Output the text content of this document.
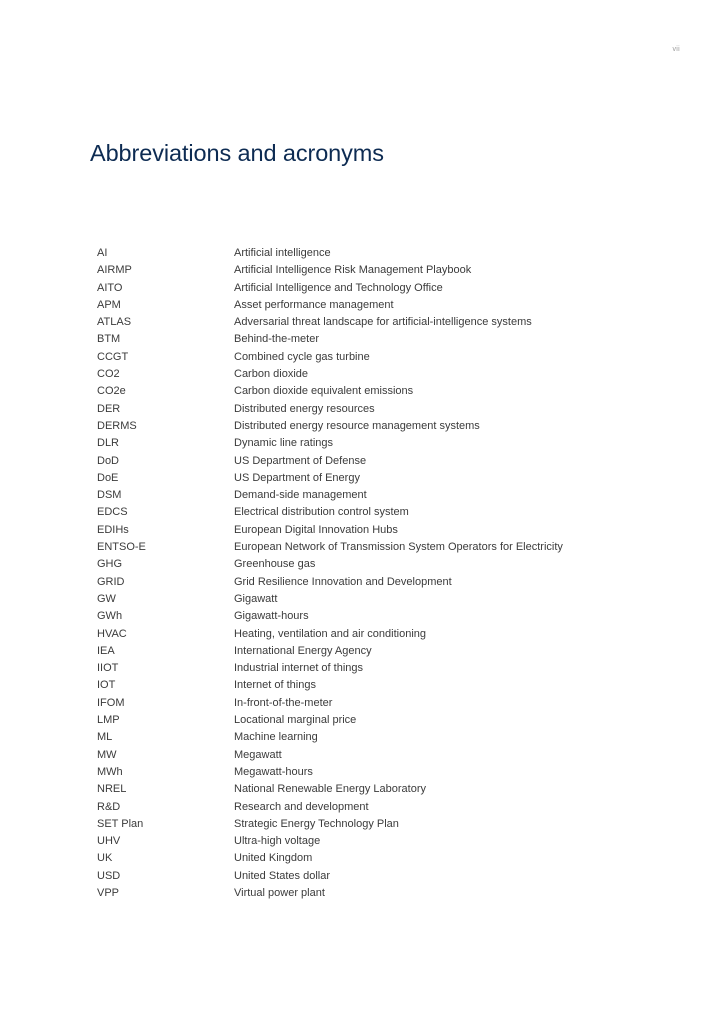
vii
Abbreviations and acronyms
AI	Artificial intelligence
AIRMP	Artificial Intelligence Risk Management Playbook
AITO	Artificial Intelligence and Technology Office
APM	Asset performance management
ATLAS	Adversarial threat landscape for artificial-intelligence systems
BTM	Behind-the-meter
CCGT	Combined cycle gas turbine
CO2	Carbon dioxide
CO2e	Carbon dioxide equivalent emissions
DER	Distributed energy resources
DERMS	Distributed energy resource management systems
DLR	Dynamic line ratings
DoD	US Department of Defense
DoE	US Department of Energy
DSM	Demand-side management
EDCS	Electrical distribution control system
EDIHs	European Digital Innovation Hubs
ENTSO-E	European Network of Transmission System Operators for Electricity
GHG	Greenhouse gas
GRID	Grid Resilience Innovation and Development
GW	Gigawatt
GWh	Gigawatt-hours
HVAC	Heating, ventilation and air conditioning
IEA	International Energy Agency
IIOT	Industrial internet of things
IOT	Internet of things
IFOM	In-front-of-the-meter
LMP	Locational marginal price
ML	Machine learning
MW	Megawatt
MWh	Megawatt-hours
NREL	National Renewable Energy Laboratory
R&D	Research and development
SET Plan	Strategic Energy Technology Plan
UHV	Ultra-high voltage
UK	United Kingdom
USD	United States dollar
VPP	Virtual power plant
